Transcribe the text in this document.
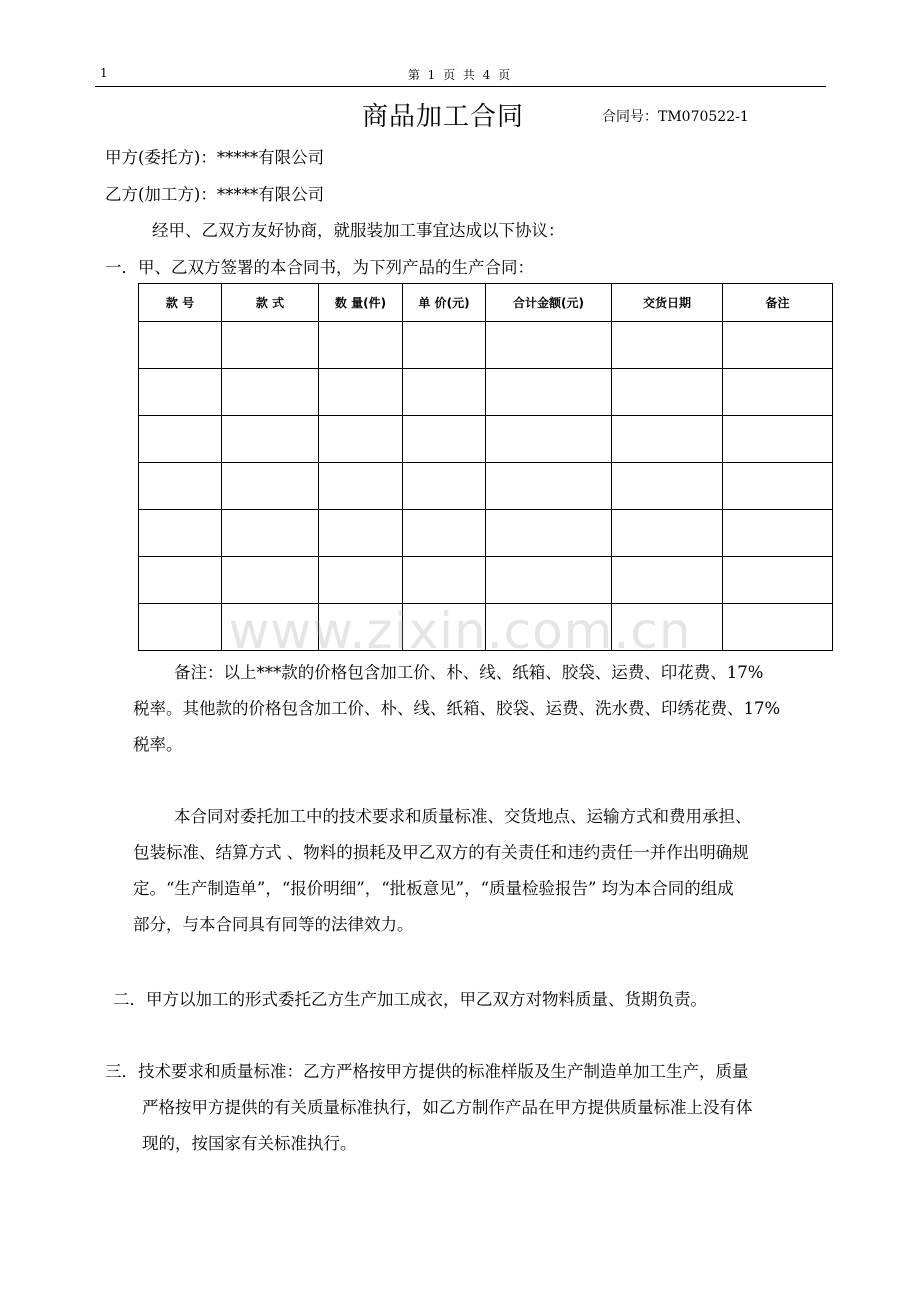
1	第 1 页 共 4 页
商品加工合同	合同号：TM070522-1
甲方(委托方)：*****有限公司
乙方(加工方)：*****有限公司
经甲、乙双方友好协商，就服装加工事宜达成以下协议：
一．甲、乙双方签署的本合同书，为下列产品的生产合同：
款 号	款 式	数 量(件)	单 价(元)	合计金额(元)	交货日期	备注

www.zixin.com.cn
备注：以上***款的价格包含加工价、朴、线、纸箱、胶袋、运费、印花费、17%
税率。其他款的价格包含加工价、朴、线、纸箱、胶袋、运费、洗水费、印绣花费、17%
税率。
本合同对委托加工中的技术要求和质量标准、交货地点、运输方式和费用承担、
包装标准、结算方式 、物料的损耗及甲乙双方的有关责任和违约责任一并作出明确规
定。“生产制造单”，“报价明细”，“批板意见”，“质量检验报告” 均为本合同的组成
部分，与本合同具有同等的法律效力。
二．甲方以加工的形式委托乙方生产加工成衣，甲乙双方对物料质量、货期负责。
三．技术要求和质量标准：乙方严格按甲方提供的标准样版及生产制造单加工生产，质量
严格按甲方提供的有关质量标准执行，如乙方制作产品在甲方提供质量标准上没有体
现的，按国家有关标准执行。
